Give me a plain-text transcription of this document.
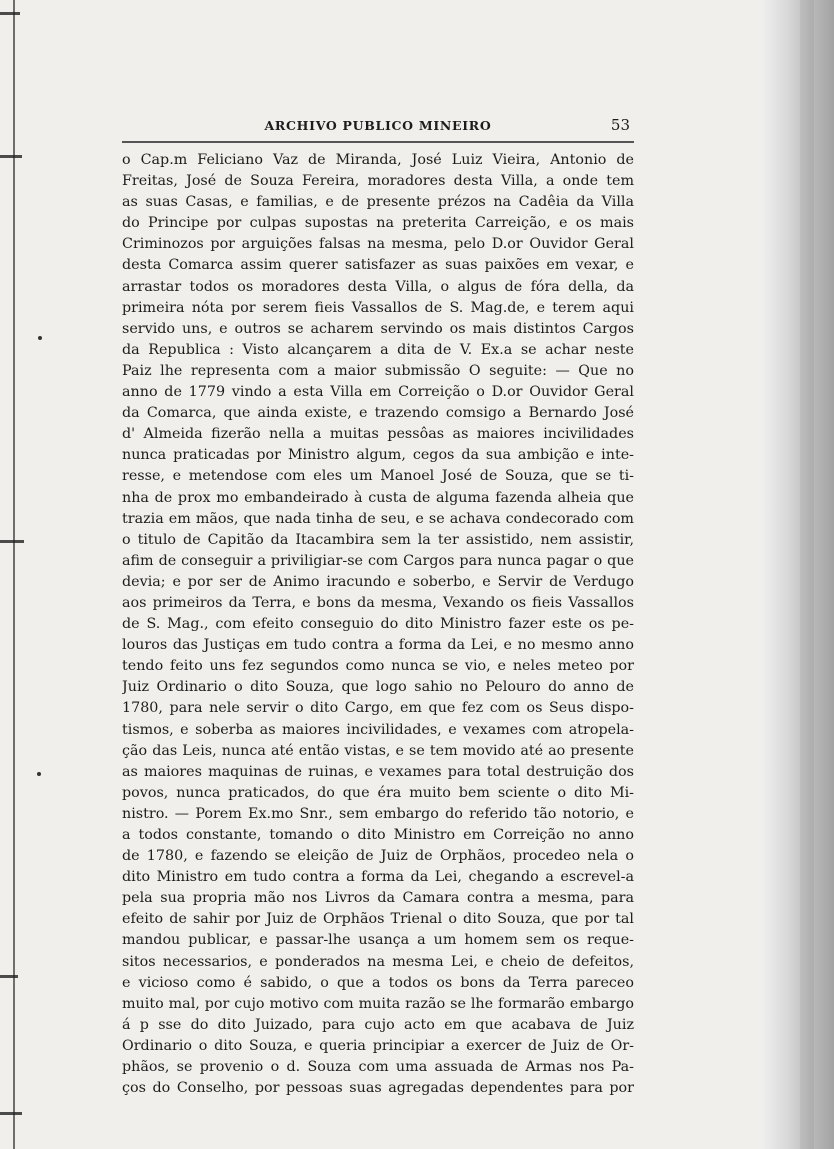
ARCHIVO PUBLICO MINEIRO	53
o Cap.m Feliciano Vaz de Miranda, José Luiz Vieira, Antonio de
Freitas, José de Souza Fereira, moradores desta Villa, a onde tem
as suas Casas, e familias, e de presente prézos na Cadêia da Villa
do Principe por culpas supostas na preterita Carreição, e os mais
Criminozos por arguições falsas na mesma, pelo D.or Ouvidor Geral
desta Comarca assim querer satisfazer as suas paixões em vexar, e
arrastar todos os moradores desta Villa, o algus de fóra della, da
primeira nóta por serem fieis Vassallos de S. Mag.de, e terem aqui
servido uns, e outros se acharem servindo os mais distintos Cargos
da Republica : Visto alcançarem a dita de V. Ex.a se achar neste
Paiz lhe representa com a maior submissão O seguite: — Que no
anno de 1779 vindo a esta Villa em Correição o D.or Ouvidor Geral
da Comarca, que ainda existe, e trazendo comsigo a Bernardo José
d' Almeida fizerão nella a muitas pessôas as maiores incivilidades
nunca praticadas por Ministro algum, cegos da sua ambição e inte-
resse, e metendose com eles um Manoel José de Souza, que se ti-
nha de prox mo embandeirado à custa de alguma fazenda alheia que
trazia em mãos, que nada tinha de seu, e se achava condecorado com
o titulo de Capitão da Itacambira sem la ter assistido, nem assistir,
afim de conseguir a priviligiar-se com Cargos para nunca pagar o que
devia; e por ser de Animo iracundo e soberbo, e Servir de Verdugo
aos primeiros da Terra, e bons da mesma, Vexando os fieis Vassallos
de S. Mag., com efeito conseguio do dito Ministro fazer este os pe-
louros das Justiças em tudo contra a forma da Lei, e no mesmo anno
tendo feito uns fez segundos como nunca se vio, e neles meteo por
Juiz Ordinario o dito Souza, que logo sahio no Pelouro do anno de
1780, para nele servir o dito Cargo, em que fez com os Seus dispo-
tismos, e soberba as maiores incivilidades, e vexames com atropela-
ção das Leis, nunca até então vistas, e se tem movido até ao presente
as maiores maquinas de ruinas, e vexames para total destruição dos
povos, nunca praticados, do que éra muito bem sciente o dito Mi-
nistro. — Porem Ex.mo Snr., sem embargo do referido tão notorio, e
a todos constante, tomando o dito Ministro em Correição no anno
de 1780, e fazendo se eleição de Juiz de Orphãos, procedeo nela o
dito Ministro em tudo contra a forma da Lei, chegando a escrevel-a
pela sua propria mão nos Livros da Camara contra a mesma, para
efeito de sahir por Juiz de Orphãos Trienal o dito Souza, que por tal
mandou publicar, e passar-lhe usança a um homem sem os reque-
sitos necessarios, e ponderados na mesma Lei, e cheio de defeitos,
e vicioso como é sabido, o que a todos os bons da Terra pareceo
muito mal, por cujo motivo com muita razão se lhe formarão embargo
á p sse do dito Juizado, para cujo acto em que acabava de Juiz
Ordinario o dito Souza, e queria principiar a exercer de Juiz de Or-
phãos, se provenio o d. Souza com uma assuada de Armas nos Pa-
ços do Conselho, por pessoas suas agregadas dependentes para por
